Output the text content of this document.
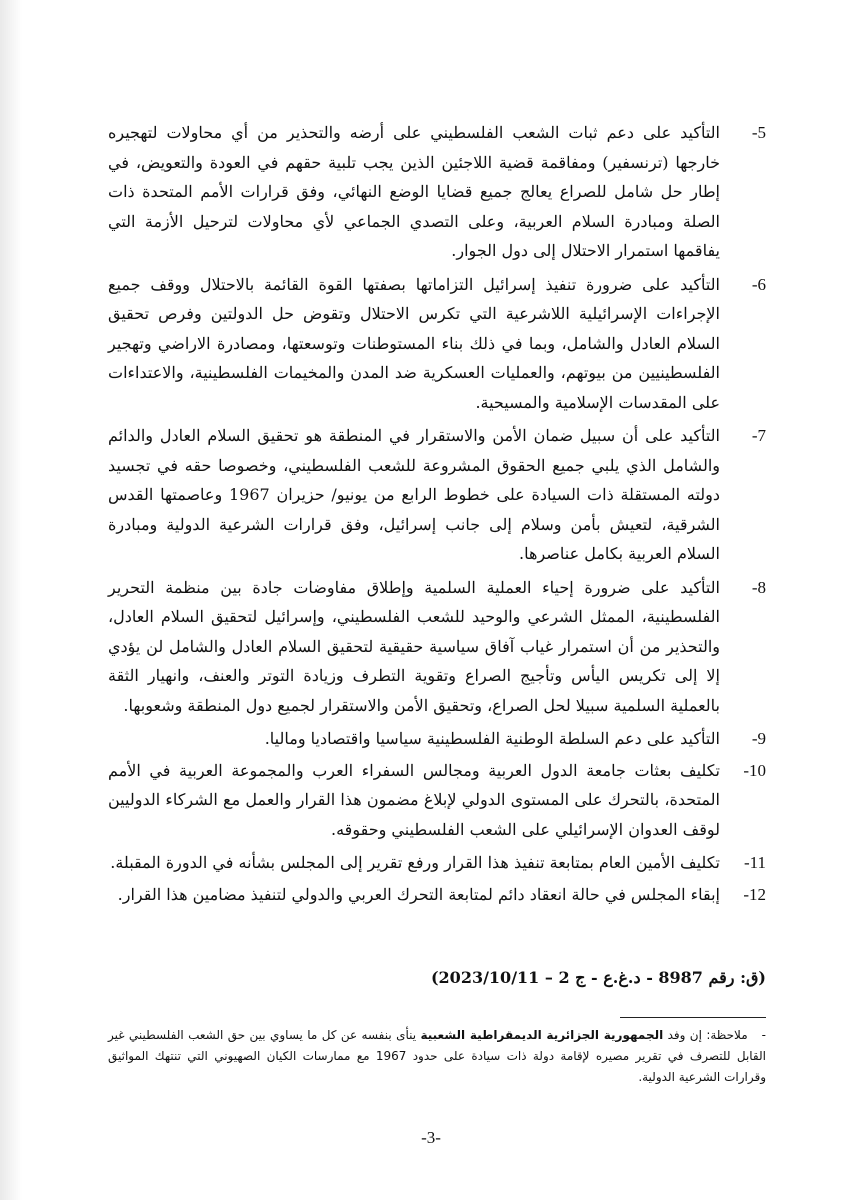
-5
التأكيد على دعم ثبات الشعب الفلسطيني على أرضه والتحذير من أي محاولات لتهجيره خارجها (ترنسفير) ومفاقمة قضية اللاجئين الذين يجب تلبية حقهم في العودة والتعويض، في إطار حل شامل للصراع يعالج جميع قضايا الوضع النهائي، وفق قرارات الأمم المتحدة ذات الصلة ومبادرة السلام العربية، وعلى التصدي الجماعي لأي محاولات لترحيل الأزمة التي يفاقمها استمرار الاحتلال إلى دول الجوار.
-6
التأكيد على ضرورة تنفيذ إسرائيل التزاماتها بصفتها القوة القائمة بالاحتلال ووقف جميع الإجراءات الإسرائيلية اللاشرعية التي تكرس الاحتلال وتقوض حل الدولتين وفرص تحقيق السلام العادل والشامل، وبما في ذلك بناء المستوطنات وتوسعتها، ومصادرة الاراضي وتهجير الفلسطينيين من بيوتهم، والعمليات العسكرية ضد المدن والمخيمات الفلسطينية، والاعتداءات على المقدسات الإسلامية والمسيحية.
-7
التأكيد على أن سبيل ضمان الأمن والاستقرار في المنطقة هو تحقيق السلام العادل والدائم والشامل الذي يلبي جميع الحقوق المشروعة للشعب الفلسطيني، وخصوصا حقه في تجسيد دولته المستقلة ذات السيادة على خطوط الرابع من يونيو/ حزيران 1967 وعاصمتها القدس الشرقية، لتعيش بأمن وسلام إلى جانب إسرائيل، وفق قرارات الشرعية الدولية ومبادرة السلام العربية بكامل عناصرها.
-8
التأكيد على ضرورة إحياء العملية السلمية وإطلاق مفاوضات جادة بين منظمة التحرير الفلسطينية، الممثل الشرعي والوحيد للشعب الفلسطيني، وإسرائيل لتحقيق السلام العادل، والتحذير من أن استمرار غياب آفاق سياسية حقيقية لتحقيق السلام العادل والشامل لن يؤدي إلا إلى تكريس اليأس وتأجيج الصراع وتقوية التطرف وزيادة التوتر والعنف، وانهيار الثقة بالعملية السلمية سبيلا لحل الصراع، وتحقيق الأمن والاستقرار لجميع دول المنطقة وشعوبها.
-9
التأكيد على دعم السلطة الوطنية الفلسطينية سياسيا واقتصاديا وماليا.
-10
تكليف بعثات جامعة الدول العربية ومجالس السفراء العرب والمجموعة العربية في الأمم المتحدة، بالتحرك على المستوى الدولي لإبلاغ مضمون هذا القرار والعمل مع الشركاء الدوليين لوقف العدوان الإسرائيلي على الشعب الفلسطيني وحقوقه.
-11
تكليف الأمين العام بمتابعة تنفيذ هذا القرار ورفع تقرير إلى المجلس بشأنه في الدورة المقبلة.
-12
إبقاء المجلس في حالة انعقاد دائم لمتابعة التحرك العربي والدولي لتنفيذ مضامين هذا القرار.
(ق: رقم 8987 - د.غ.ع - ج 2 – 2023/10/11)
-ملاحظة: إن وفد الجمهورية الجزائرية الديمقراطية الشعبية ينأى بنفسه عن كل ما يساوي بين حق الشعب الفلسطيني غير القابل للتصرف في تقرير مصيره لإقامة دولة ذات سيادة على حدود 1967 مع ممارسات الكيان الصهيوني التي تنتهك المواثيق وقرارات الشرعية الدولية.
-3-
